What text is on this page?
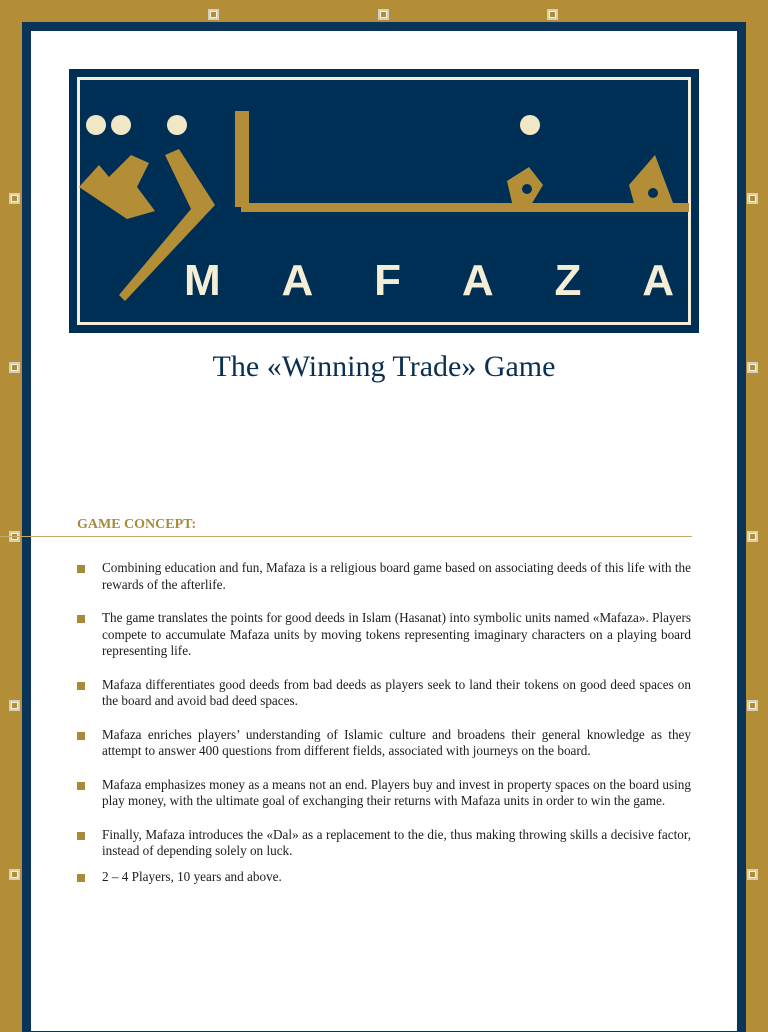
M A F A Z A
The «Winning Trade» Game
GAME CONCEPT:
Combining education and fun, Mafaza is a religious board game based on associating deeds of this life with the rewards of the afterlife.
The game translates the points for good deeds in Islam (Hasanat) into symbolic units named «Mafaza». Players compete to accumulate Mafaza units by moving tokens representing imaginary characters on a playing board representing life.
Mafaza differentiates good deeds from bad deeds as players seek to land their tokens on good deed spaces on the board and avoid bad deed spaces.
Mafaza enriches players’ understanding of Islamic culture and broadens their general knowledge as they attempt to answer 400 questions from different fields, associated with journeys on the board.
Mafaza emphasizes money as a means not an end. Players buy and invest in property spaces on the board using play money, with the ultimate goal of exchanging their returns with Mafaza units in order to win the game.
Finally, Mafaza introduces the «Dal» as a replacement to the die, thus making throwing skills a decisive factor, instead of depending solely on luck.
2 – 4 Players, 10 years and above.
